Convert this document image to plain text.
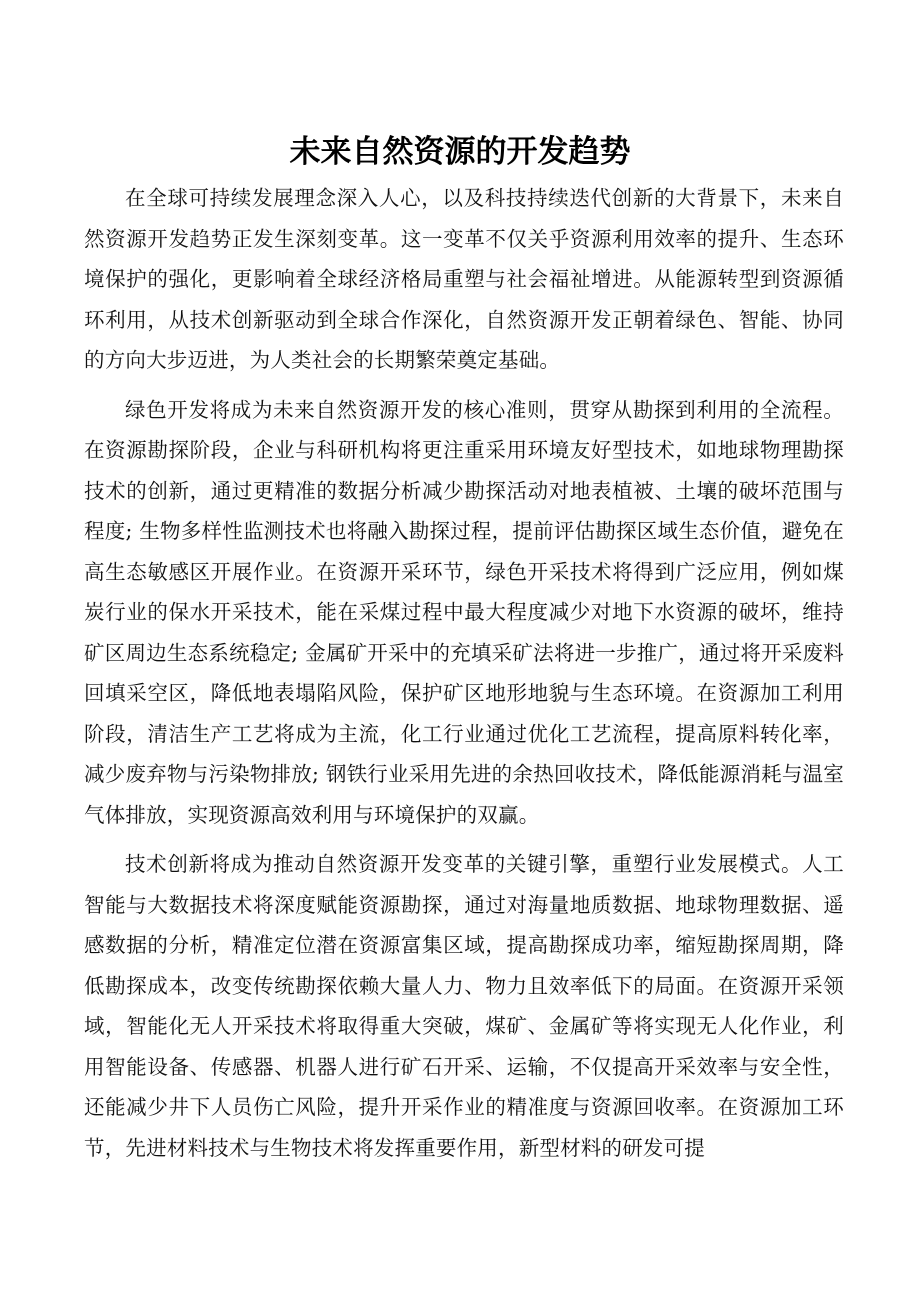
未来自然资源的开发趋势

在全球可持续发展理念深入人心，以及科技持续迭代创新的大背景下，未来自然资源开发趋势正发生深刻变革。这一变革不仅关乎资源利用效率的提升、生态环境保护的强化，更影响着全球经济格局重塑与社会福祉增进。从能源转型到资源循环利用，从技术创新驱动到全球合作深化，自然资源开发正朝着绿色、智能、协同的方向大步迈进，为人类社会的长期繁荣奠定基础。

绿色开发将成为未来自然资源开发的核心准则，贯穿从勘探到利用的全流程。在资源勘探阶段，企业与科研机构将更注重采用环境友好型技术，如地球物理勘探技术的创新，通过更精准的数据分析减少勘探活动对地表植被、土壤的破坏范围与程度; 生物多样性监测技术也将融入勘探过程，提前评估勘探区域生态价值，避免在高生态敏感区开展作业。在资源开采环节，绿色开采技术将得到广泛应用，例如煤炭行业的保水开采技术，能在采煤过程中最大程度减少对地下水资源的破坏，维持矿区周边生态系统稳定; 金属矿开采中的充填采矿法将进一步推广，通过将开采废料回填采空区，降低地表塌陷风险，保护矿区地形地貌与生态环境。在资源加工利用阶段，清洁生产工艺将成为主流，化工行业通过优化工艺流程，提高原料转化率，减少废弃物与污染物排放; 钢铁行业采用先进的余热回收技术，降低能源消耗与温室气体排放，实现资源高效利用与环境保护的双赢。

技术创新将成为推动自然资源开发变革的关键引擎，重塑行业发展模式。人工智能与大数据技术将深度赋能资源勘探，通过对海量地质数据、地球物理数据、遥感数据的分析，精准定位潜在资源富集区域，提高勘探成功率，缩短勘探周期，降低勘探成本，改变传统勘探依赖大量人力、物力且效率低下的局面。在资源开采领域，智能化无人开采技术将取得重大突破，煤矿、金属矿等将实现无人化作业，利用智能设备、传感器、机器人进行矿石开采、运输，不仅提高开采效率与安全性，还能减少井下人员伤亡风险，提升开采作业的精准度与资源回收率。在资源加工环节，先进材料技术与生物技术将发挥重要作用，新型材料的研发可提
